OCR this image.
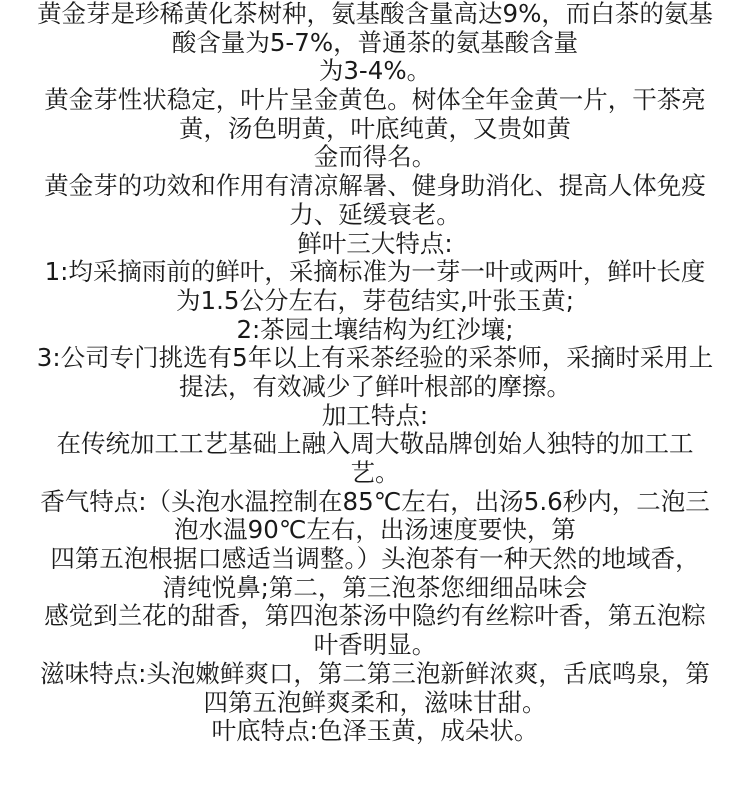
黄金芽是珍稀黄化茶树种，氨基酸含量高达9%，而白茶的氨基
酸含量为5-7%，普通茶的氨基酸含量
为3-4%。
黄金芽性状稳定，叶片呈金黄色。树体全年金黄一片，干茶亮
黄，汤色明黄，叶底纯黄，又贵如黄
金而得名。
黄金芽的功效和作用有清凉解暑、健身助消化、提高人体免疫
力、延缓衰老。
鲜叶三大特点:
1:均采摘雨前的鲜叶，采摘标准为一芽一叶或两叶，鲜叶长度
为1.5公分左右，芽苞结实,叶张玉黄;
2:茶园土壤结构为红沙壤;
3:公司专门挑选有5年以上有采茶经验的采茶师，采摘时采用上
提法，有效减少了鲜叶根部的摩擦。
加工特点:
在传统加工工艺基础上融入周大敬品牌创始人独特的加工工
艺。
香气特点:（头泡水温控制在85℃左右，出汤5.6秒内，二泡三
泡水温90℃左右，出汤速度要快，第
四第五泡根据口感适当调整。）头泡茶有一种天然的地域香，
清纯悦鼻;第二，第三泡茶您细细品味会
感觉到兰花的甜香，第四泡茶汤中隐约有丝粽叶香，第五泡粽
叶香明显。
滋味特点:头泡嫩鲜爽口，第二第三泡新鲜浓爽，舌底鸣泉，第
四第五泡鲜爽柔和，滋味甘甜。
叶底特点:色泽玉黄，成朵状。
